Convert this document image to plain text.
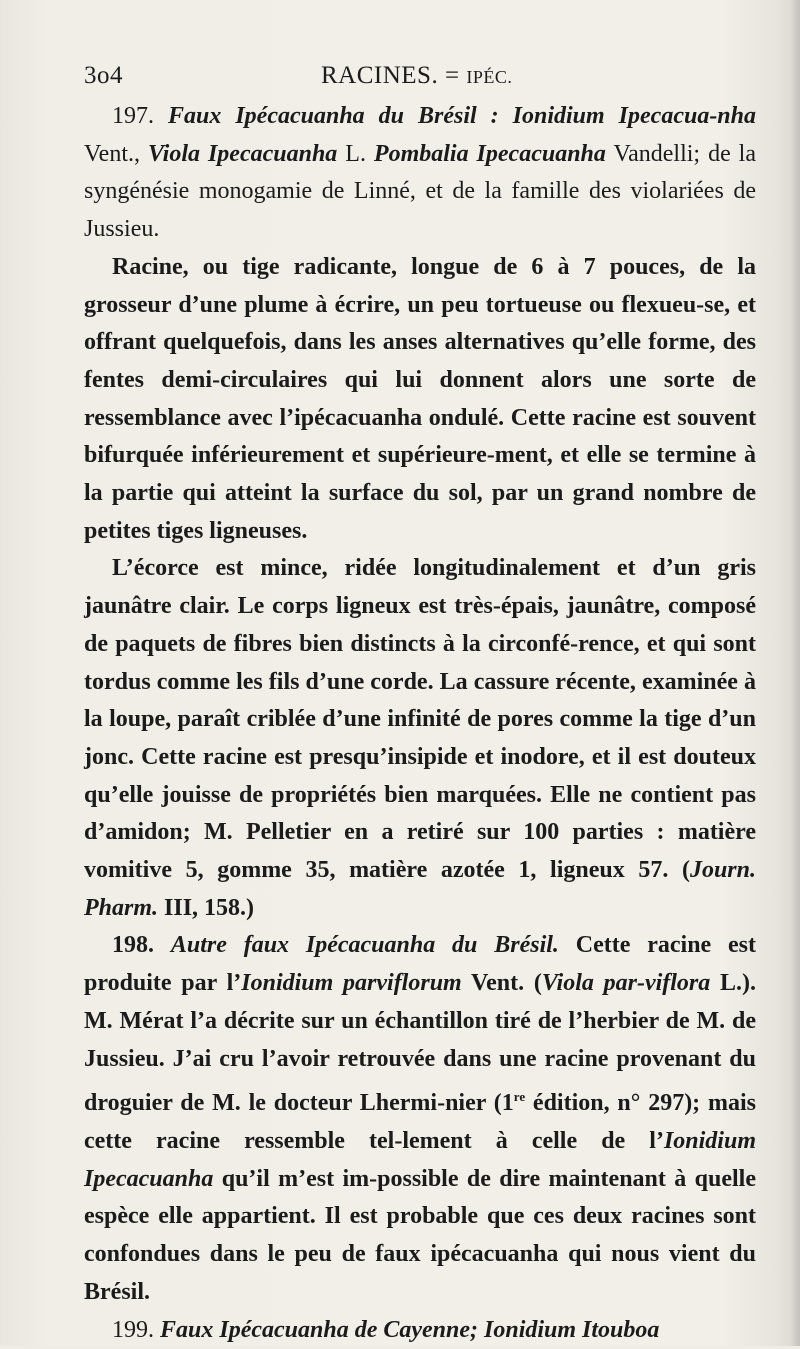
3o4	RACINES. = IPÉC.

197. Faux Ipécacuanha du Brésil : Ionidium Ipecacua-nha Vent., Viola Ipecacuanha L. Pombalia Ipecacuanha Vandelli; de la syngénésie monogamie de Linné, et de la famille des violariées de Jussieu.

Racine, ou tige radicante, longue de 6 à 7 pouces, de la grosseur d’une plume à écrire, un peu tortueuse ou flexueu-se, et offrant quelquefois, dans les anses alternatives qu’elle forme, des fentes demi-circulaires qui lui donnent alors une sorte de ressemblance avec l’ipécacuanha ondulé. Cette racine est souvent bifurquée inférieurement et supérieure-ment, et elle se termine à la partie qui atteint la surface du sol, par un grand nombre de petites tiges ligneuses.

L’écorce est mince, ridée longitudinalement et d’un gris jaunâtre clair. Le corps ligneux est très-épais, jaunâtre, composé de paquets de fibres bien distincts à la circonfé-rence, et qui sont tordus comme les fils d’une corde. La cassure récente, examinée à la loupe, paraît criblée d’une infinité de pores comme la tige d’un jonc. Cette racine est presqu’insipide et inodore, et il est douteux qu’elle jouisse de propriétés bien marquées. Elle ne contient pas d’amidon; M. Pelletier en a retiré sur 100 parties : matière vomitive 5, gomme 35, matière azotée 1, ligneux 57. (Journ. Pharm. III, 158.)

198. Autre faux Ipécacuanha du Brésil. Cette racine est produite par l’Ionidium parviflorum Vent. (Viola par-viflora L.). M. Mérat l’a décrite sur un échantillon tiré de l’herbier de M. de Jussieu. J’ai cru l’avoir retrouvée dans une racine provenant du droguier de M. le docteur Lhermi-nier (1re édition, n° 297); mais cette racine ressemble tel-lement à celle de l’Ionidium Ipecacuanha qu’il m’est im-possible de dire maintenant à quelle espèce elle appartient. Il est probable que ces deux racines sont confondues dans le peu de faux ipécacuanha qui nous vient du Brésil.

199. Faux Ipécacuanha de Cayenne; Ionidium Itouboa
